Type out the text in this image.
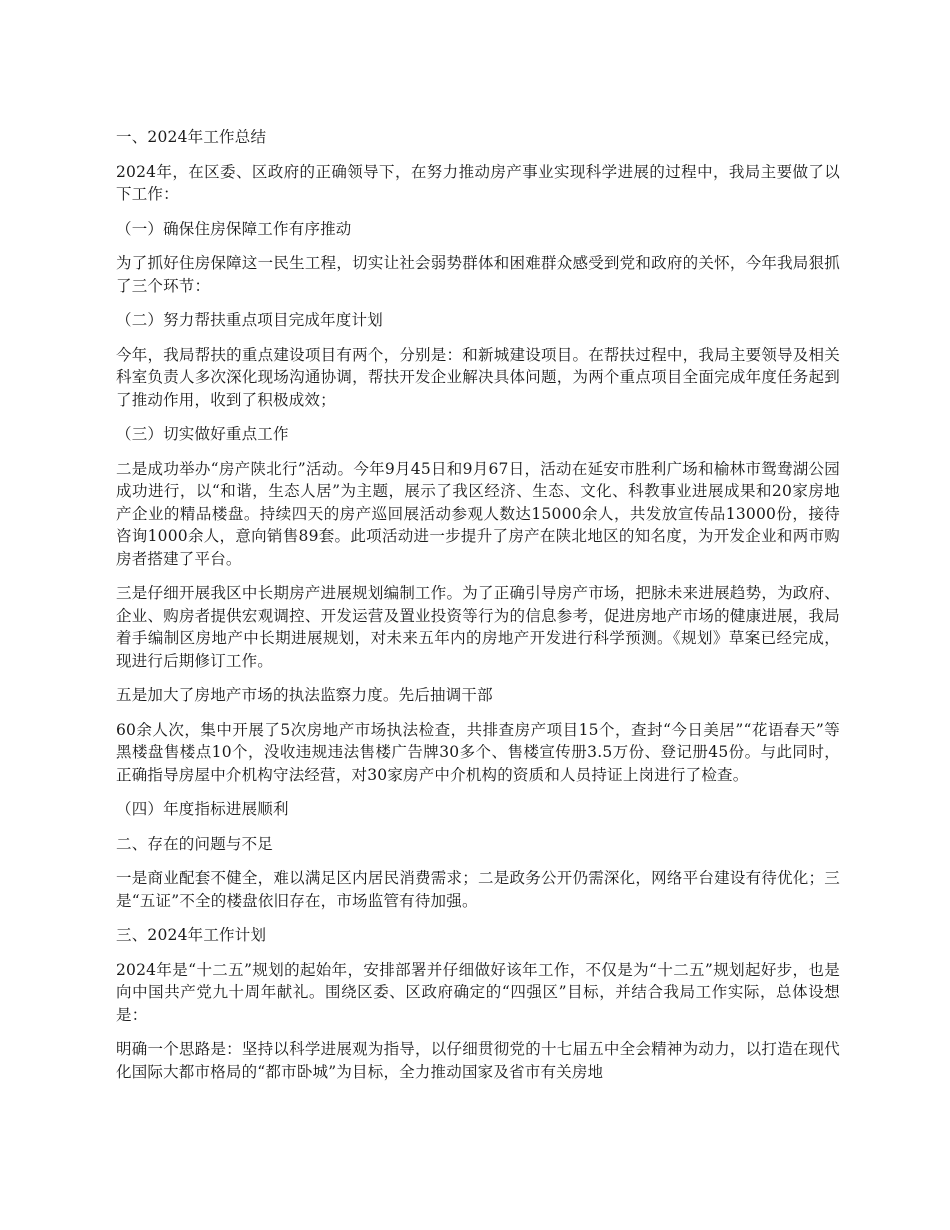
一、2024年工作总结

2024年，在区委、区政府的正确领导下，在努力推动房产事业实现科学进展的过程中，我局主要做了以下工作：

（一）确保住房保障工作有序推动

为了抓好住房保障这一民生工程，切实让社会弱势群体和困难群众感受到党和政府的关怀，今年我局狠抓了三个环节：

（二）努力帮扶重点项目完成年度计划

今年，我局帮扶的重点建设项目有两个，分别是：和新城建设项目。在帮扶过程中，我局主要领导及相关科室负责人多次深化现场沟通协调，帮扶开发企业解决具体问题，为两个重点项目全面完成年度任务起到了推动作用，收到了积极成效；

（三）切实做好重点工作

二是成功举办“房产陕北行”活动。今年9月45日和9月67日，活动在延安市胜利广场和榆林市鸳鸯湖公园成功进行，以“和谐，生态人居”为主题，展示了我区经济、生态、文化、科教事业进展成果和20家房地产企业的精品楼盘。持续四天的房产巡回展活动参观人数达15000余人，共发放宣传品13000份，接待咨询1000余人，意向销售89套。此项活动进一步提升了房产在陕北地区的知名度，为开发企业和两市购房者搭建了平台。

三是仔细开展我区中长期房产进展规划编制工作。为了正确引导房产市场，把脉未来进展趋势，为政府、企业、购房者提供宏观调控、开发运营及置业投资等行为的信息参考，促进房地产市场的健康进展，我局着手编制区房地产中长期进展规划，对未来五年内的房地产开发进行科学预测。《规划》草案已经完成，现进行后期修订工作。

五是加大了房地产市场的执法监察力度。先后抽调干部

60余人次，集中开展了5次房地产市场执法检查，共排查房产项目15个，查封“今日美居”“花语春天”等黑楼盘售楼点10个，没收违规违法售楼广告牌30多个、售楼宣传册3.5万份、登记册45份。与此同时，正确指导房屋中介机构守法经营，对30家房产中介机构的资质和人员持证上岗进行了检查。

（四）年度指标进展顺利

二、存在的问题与不足

一是商业配套不健全，难以满足区内居民消费需求；二是政务公开仍需深化，网络平台建设有待优化；三是“五证”不全的楼盘依旧存在，市场监管有待加强。

三、2024年工作计划

2024年是“十二五”规划的起始年，安排部署并仔细做好该年工作，不仅是为“十二五”规划起好步，也是向中国共产党九十周年献礼。围绕区委、区政府确定的“四强区”目标，并结合我局工作实际，总体设想是：

明确一个思路是：坚持以科学进展观为指导，以仔细贯彻党的十七届五中全会精神为动力，以打造在现代化国际大都市格局的“都市卧城”为目标，全力推动国家及省市有关房地
